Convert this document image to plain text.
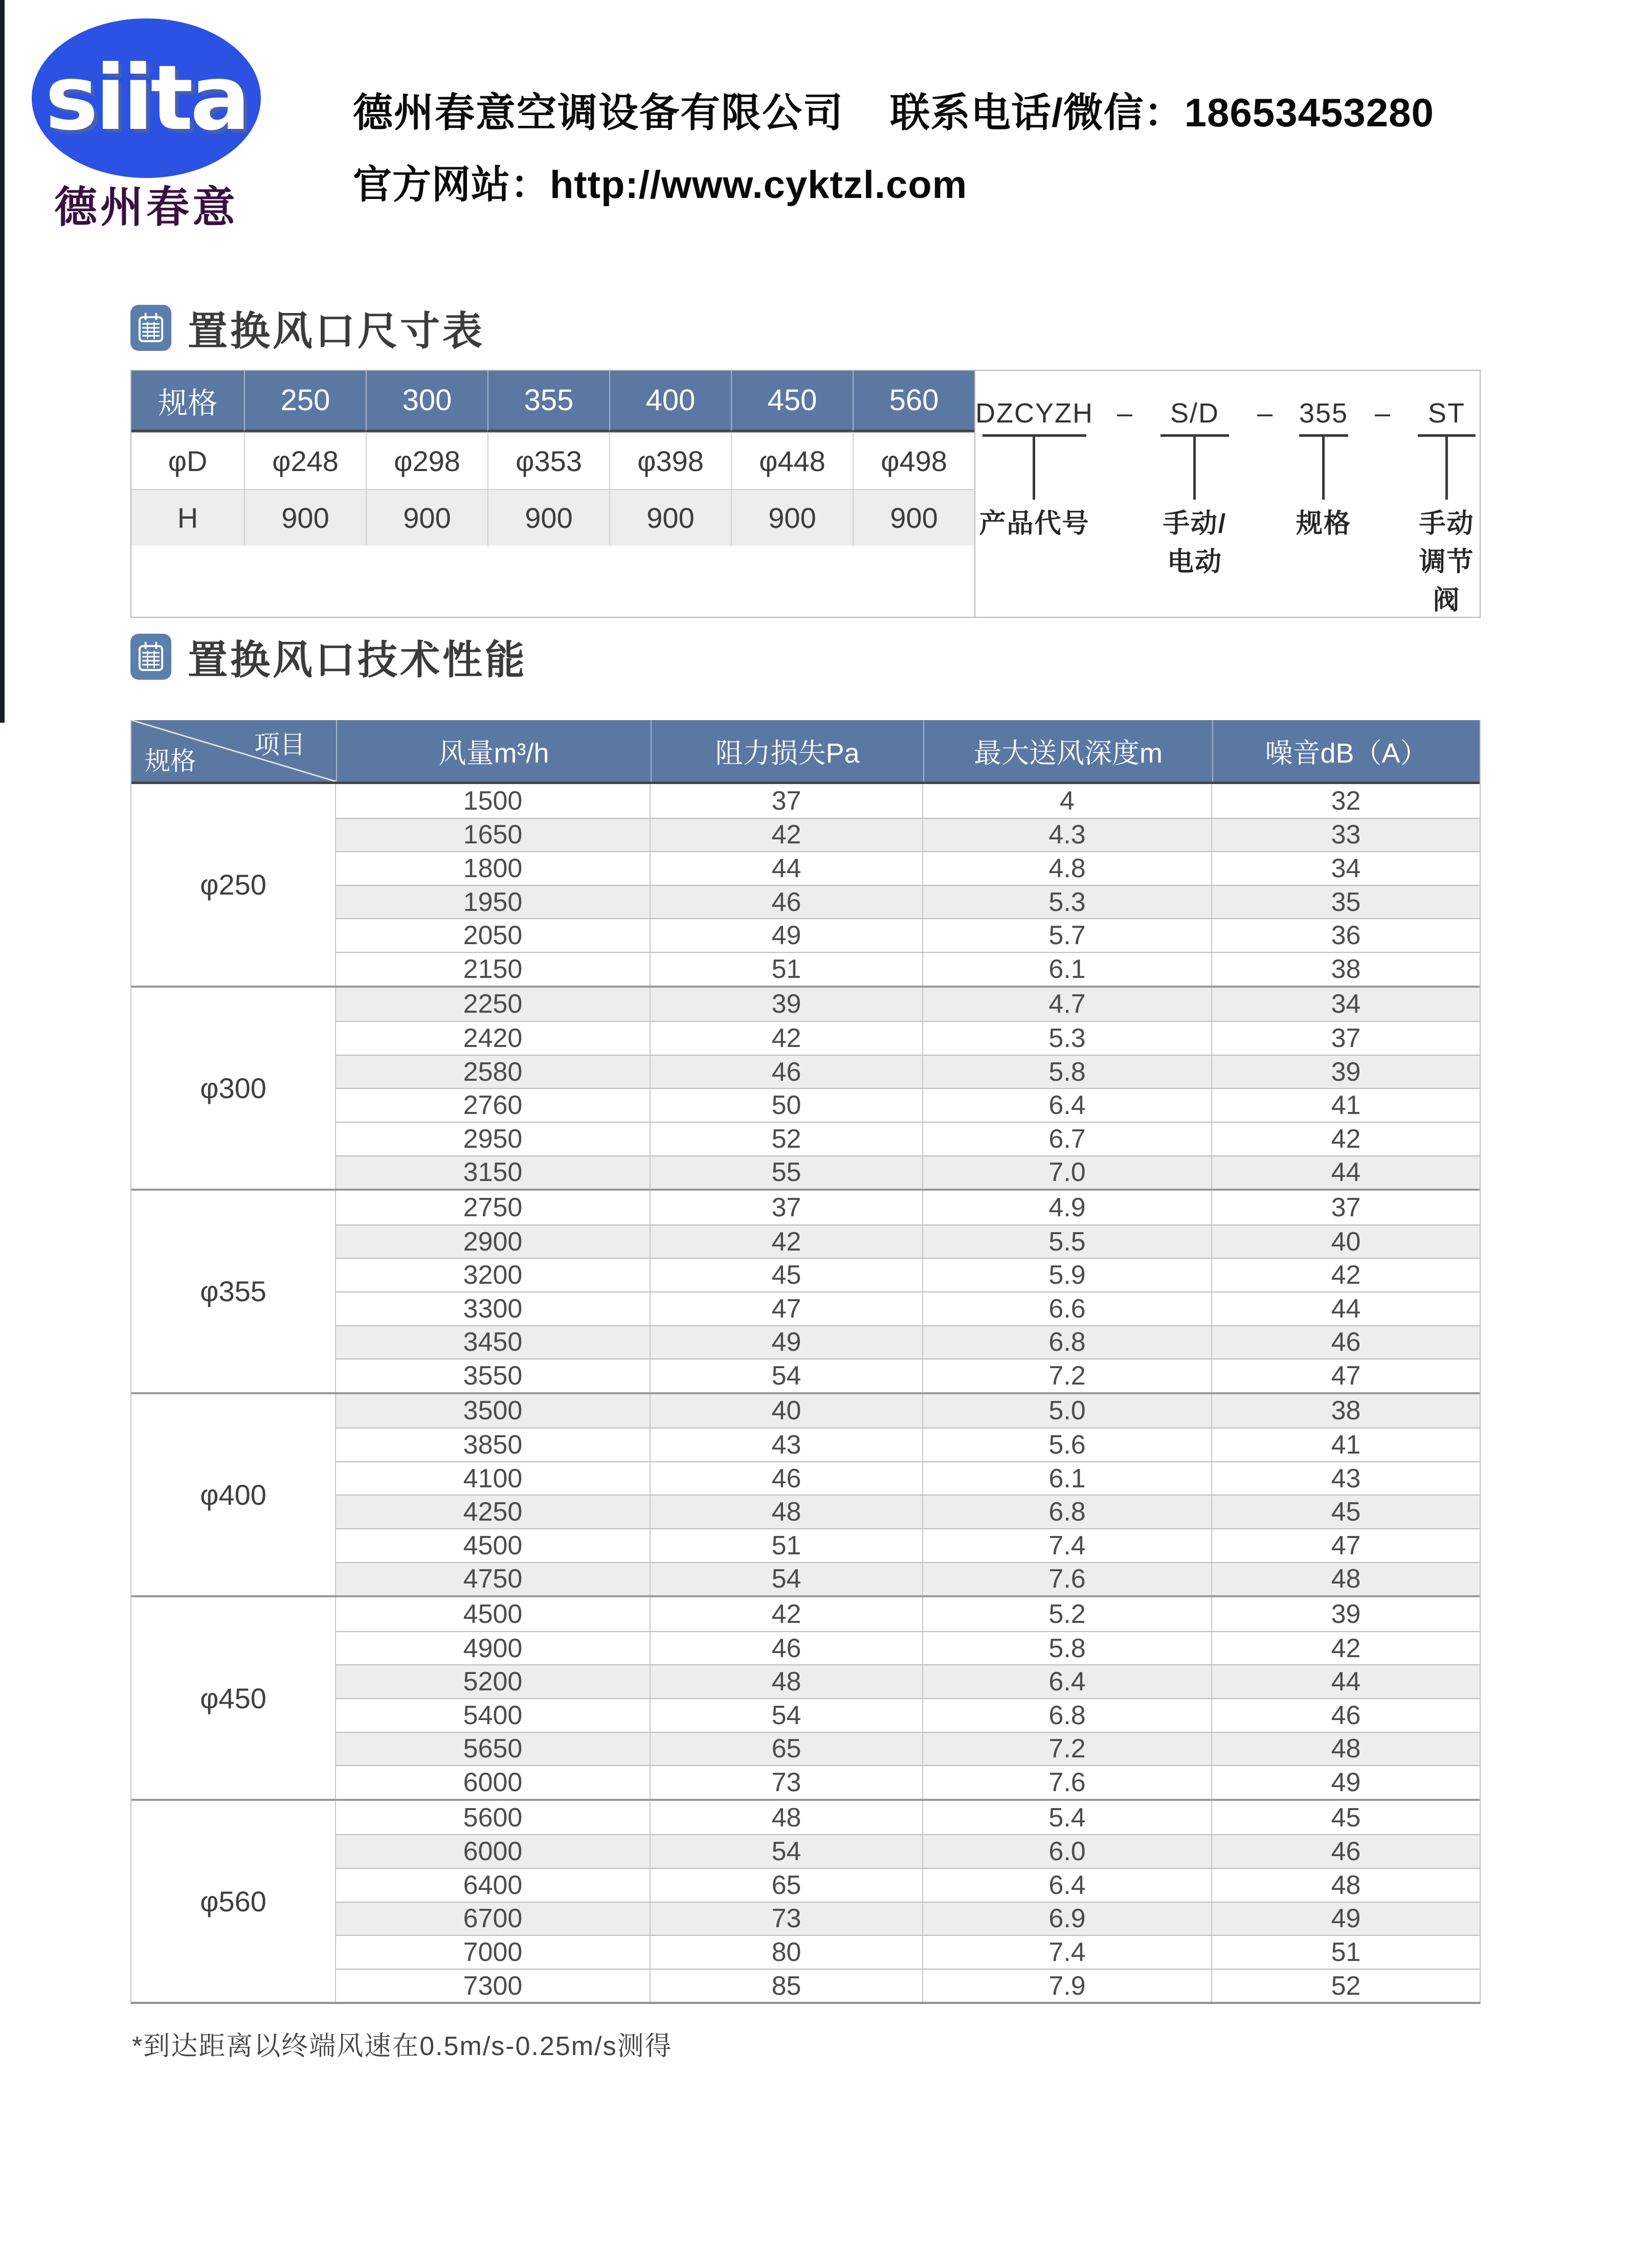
siita
德州春意
德州春意空调设备有限公司 联系电话/微信：18653453280
官方网站：http://www.cyktzl.com
置换风口尺寸表
规格	250	300	355	400	450	560
φD	φ248	φ298	φ353	φ398	φ448	φ498
H	900	900	900	900	900	900
DZCYZH –
产品代号
S/D	–
手动/电动
355 –
规格
ST
手动调节阀
置换风口技术性能
项目
规格	风量m³/h	阻力损失Pa	最大送风深度m	噪音dB（A）
φ250
1500	37	4	32
1650	42	4.3	33
1800	44	4.8	34
1950	46	5.3	35
2050	49	5.7	36
2150	51	6.1	38
φ300
2250	39	4.7	34
2420	42	5.3	37
2580	46	5.8	39
2760	50	6.4	41
2950	52	6.7	42
3150	55	7.0	44
φ355
2750	37	4.9	37
2900	42	5.5	40
3200	45	5.9	42
3300	47	6.6	44
3450	49	6.8	46
3550	54	7.2	47
φ400
3500	40	5.0	38
3850	43	5.6	41
4100	46	6.1	43
4250	48	6.8	45
4500	51	7.4	47
4750	54	7.6	48
φ450
4500	42	5.2	39
4900	46	5.8	42
5200	48	6.4	44
5400	54	6.8	46
5650	65	7.2	48
6000	73	7.6	49
φ560
5600	48	5.4	45
6000	54	6.0	46
6400	65	6.4	48
6700	73	6.9	49
7000	80	7.4	51
7300	85	7.9	52
*到达距离以终端风速在0.5m/s-0.25m/s测得
